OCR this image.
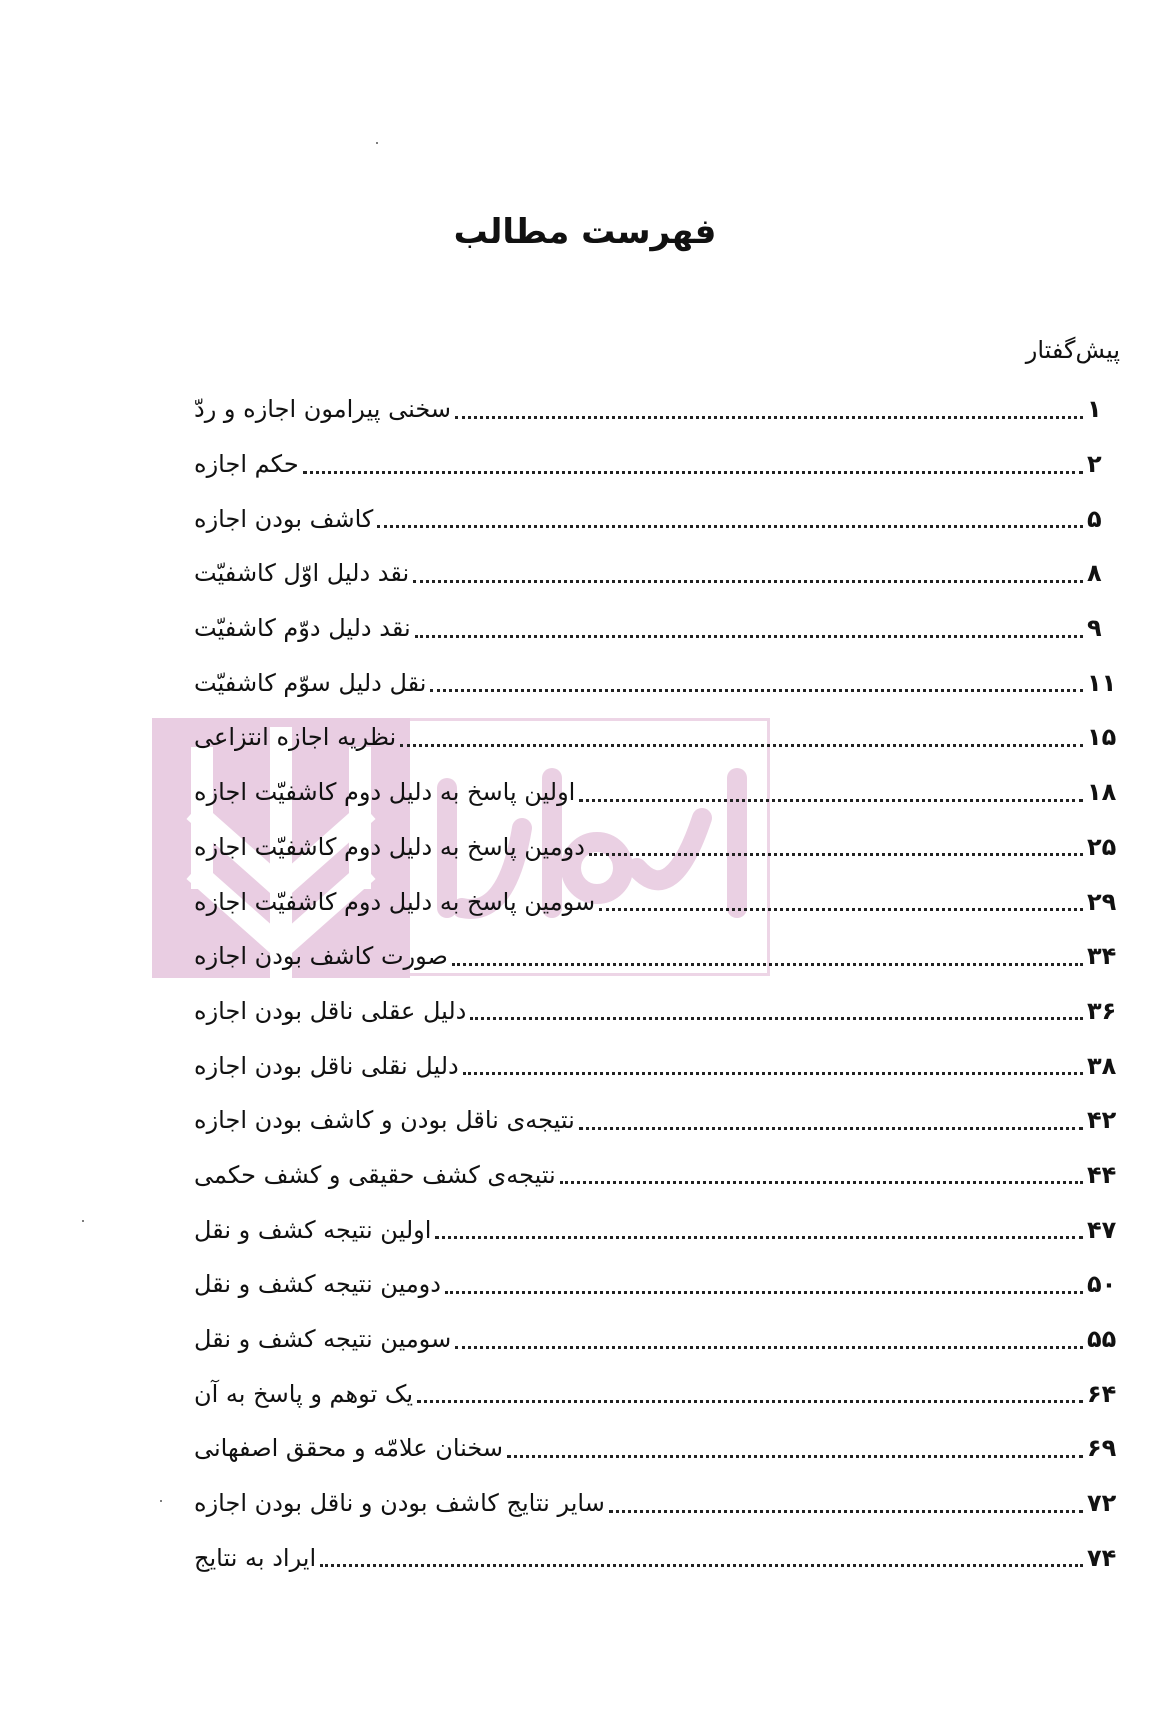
فهرست مطالب
پیش‌گفتار
سخنی پیرامون اجازه و ردّ	۱
حکم اجازه	۲
کاشف بودن اجازه	۵
نقد دلیل اوّل کاشفیّت	۸
نقد دلیل دوّم کاشفیّت	۹
نقل دلیل سوّم کاشفیّت	۱۱
نظریه اجازه انتزاعی	۱۵
اولین پاسخ به دلیل دوم کاشفیّت اجازه	۱۸
دومین پاسخ به دلیل دوم کاشفیّت اجازه	۲۵
سومین پاسخ به دلیل دوم کاشفیّت اجازه	۲۹
صورت کاشف بودن اجازه	۳۴
دلیل عقلی ناقل بودن اجازه	۳۶
دلیل نقلی ناقل بودن اجازه	۳۸
نتیجه‌ی ناقل بودن و کاشف بودن اجازه	۴۲
نتیجه‌ی کشف حقیقی و کشف حکمی	۴۴
اولین نتیجه کشف و نقل	۴۷
دومین نتیجه کشف و نقل	۵۰
سومین نتیجه کشف و نقل	۵۵
یک توهم و پاسخ به آن	۶۴
سخنان علامّه و محقق اصفهانی	۶۹
سایر نتایج کاشف بودن و ناقل بودن اجازه	۷۲
ایراد به نتایج	۷۴
